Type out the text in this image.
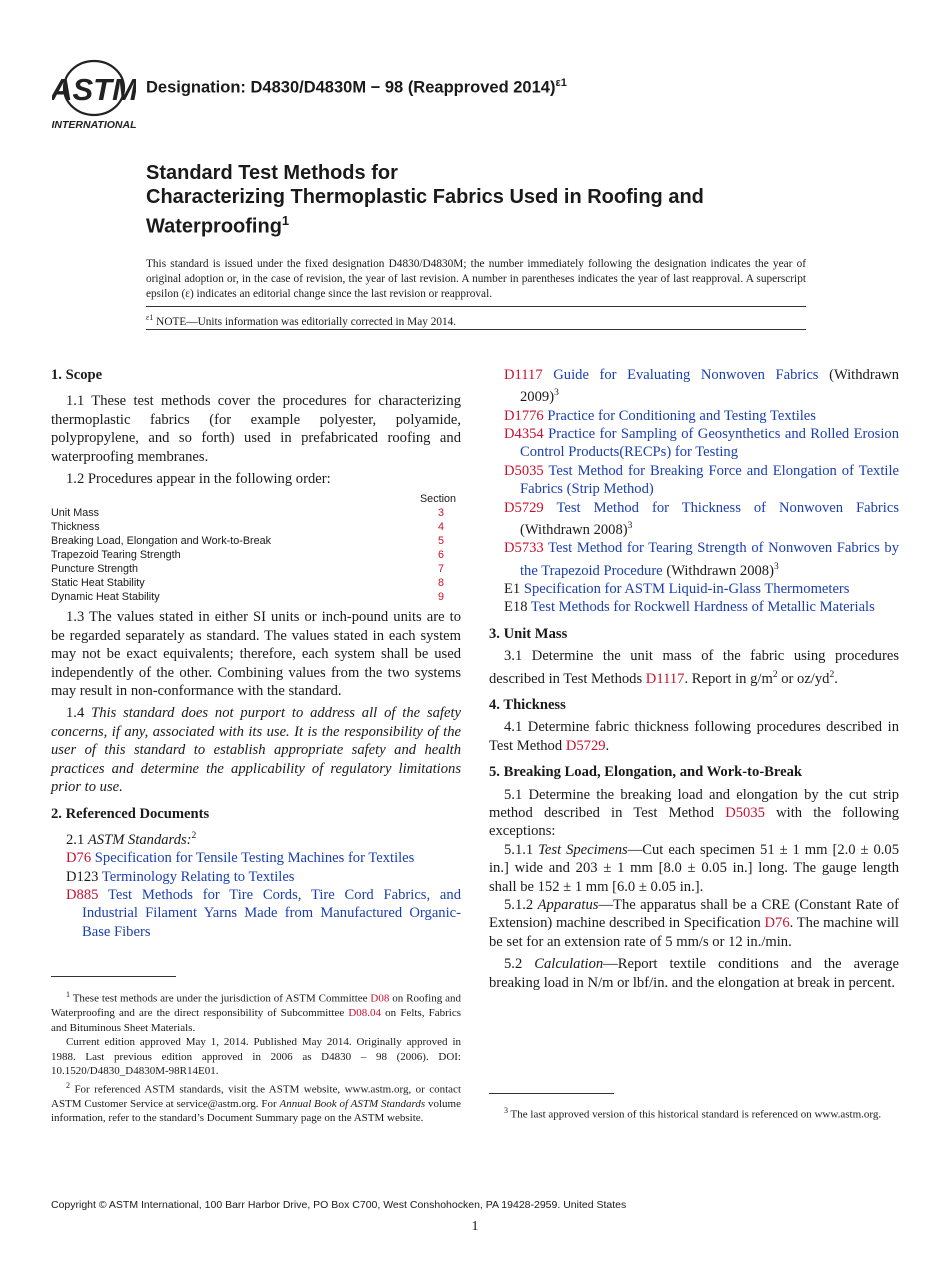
ASTM
INTERNATIONAL
Designation: D4830/D4830M − 98 (Reapproved 2014)$^{\varepsilon 1}$
Standard Test Methods for
Characterizing Thermoplastic Fabrics Used in Roofing and
Waterproofing$^1$
This standard is issued under the fixed designation D4830/D4830M; the number immediately following the designation indicates the year of original adoption or, in the case of revision, the year of last revision. A number in parentheses indicates the year of last reapproval. A superscript epsilon (ε) indicates an editorial change since the last revision or reapproval.
$^{\varepsilon 1}$ NOTE—Units information was editorially corrected in May 2014.

1. Scope

1.1 These test methods cover the procedures for characterizing thermoplastic fabrics (for example polyester, polyamide, polypropylene, and so forth) used in prefabricated roofing and waterproofing membranes.

1.2 Procedures appear in the following order:

Section
Unit Mass	3
Thickness	4
Breaking Load, Elongation and Work-to-Break	5
Trapezoid Tearing Strength	6
Puncture Strength	7
Static Heat Stability	8
Dynamic Heat Stability	9

1.3 The values stated in either SI units or inch-pound units are to be regarded separately as standard. The values stated in each system may not be exact equivalents; therefore, each system shall be used independently of the other. Combining values from the two systems may result in non-conformance with the standard.

1.4 This standard does not purport to address all of the safety concerns, if any, associated with its use. It is the responsibility of the user of this standard to establish appropriate safety and health practices and determine the applicability of regulatory limitations prior to use.

2. Referenced Documents

2.1 ASTM Standards:$^2$

D76 Specification for Tensile Testing Machines for Textiles

D123 Terminology Relating to Textiles

D885 Test Methods for Tire Cords, Tire Cord Fabrics, and Industrial Filament Yarns Made from Manufactured Organic-Base Fibers

D1117 Guide for Evaluating Nonwoven Fabrics (Withdrawn 2009)$^3$

D1776 Practice for Conditioning and Testing Textiles

D4354 Practice for Sampling of Geosynthetics and Rolled Erosion Control Products(RECPs) for Testing

D5035 Test Method for Breaking Force and Elongation of Textile Fabrics (Strip Method)

D5729 Test Method for Thickness of Nonwoven Fabrics (Withdrawn 2008)$^3$

D5733 Test Method for Tearing Strength of Nonwoven Fabrics by the Trapezoid Procedure (Withdrawn 2008)$^3$

E1 Specification for ASTM Liquid-in-Glass Thermometers

E18 Test Methods for Rockwell Hardness of Metallic Materials

3. Unit Mass

3.1 Determine the unit mass of the fabric using procedures described in Test Methods D1117. Report in $g/m^2$ or $oz/yd^2$.

4. Thickness

4.1 Determine fabric thickness following procedures described in Test Method D5729.

5. Breaking Load, Elongation, and Work-to-Break

5.1 Determine the breaking load and elongation by the cut strip method described in Test Method D5035 with the following exceptions:

5.1.1 Test Specimens—Cut each specimen 51 ± 1 mm [2.0 ± 0.05 in.] wide and 203 ± 1 mm [8.0 ± 0.05 in.] long. The gauge length shall be 152 ± 1 mm [6.0 ± 0.05 in.].

5.1.2 Apparatus—The apparatus shall be a CRE (Constant Rate of Extension) machine described in Specification D76. The machine will be set for an extension rate of 5 mm/s or 12 in./min.

5.2 Calculation—Report textile conditions and the average breaking load in N/m or lbf/in. and the elongation at break in percent.

$^1$ These test methods are under the jurisdiction of ASTM Committee D08 on Roofing and Waterproofing and are the direct responsibility of Subcommittee D08.04 on Felts, Fabrics and Bituminous Sheet Materials.

Current edition approved May 1, 2014. Published May 2014. Originally approved in 1988. Last previous edition approved in 2006 as D4830 – 98 (2006). DOI: 10.1520/D4830_D4830M-98R14E01.

$^2$ For referenced ASTM standards, visit the ASTM website, www.astm.org, or contact ASTM Customer Service at service@astm.org. For Annual Book of ASTM Standards volume information, refer to the standard’s Document Summary page on the ASTM website.

$^3$ The last approved version of this historical standard is referenced on www.astm.org.

Copyright © ASTM International, 100 Barr Harbor Drive, PO Box C700, West Conshohocken, PA 19428-2959. United States
1
